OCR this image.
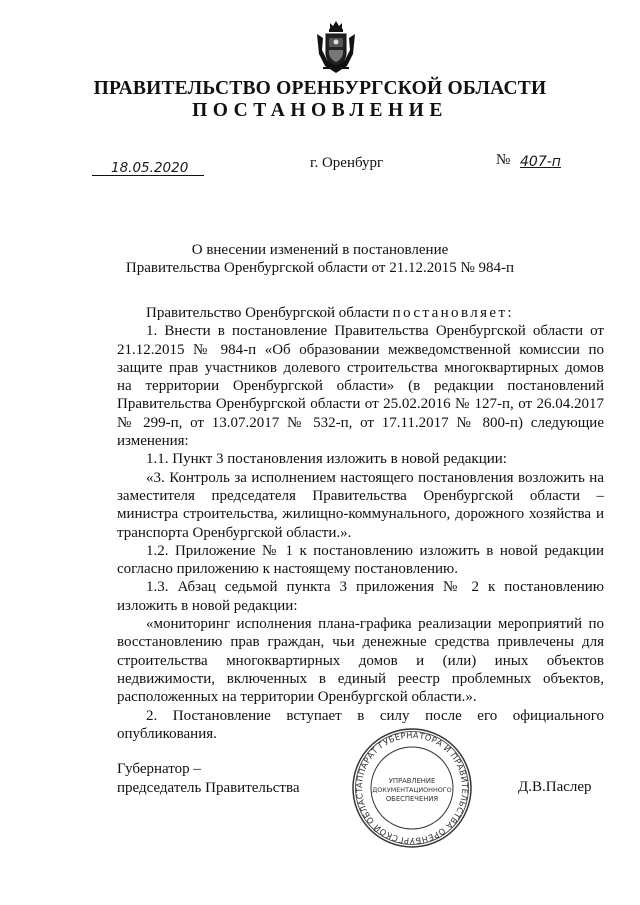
ПРАВИТЕЛЬСТВО ОРЕНБУРГСКОЙ ОБЛАСТИ
ПОСТАНОВЛЕНИЕ
18.05.2020	г. Оренбург	№ 407-п
О внесении изменений в постановление
Правительства Оренбургской области от 21.12.2015 № 984-п

Правительство Оренбургской области постановляет:

1. Внести в постановление Правительства Оренбургской области от 21.12.2015 № 984-п «Об образовании межведомственной комиссии по защите прав участников долевого строительства многоквартирных домов на территории Оренбургской области» (в редакции постановлений Правительства Оренбургской области от 25.02.2016 № 127-п, от 26.04.2017 № 299-п, от 13.07.2017 № 532-п, от 17.11.2017 № 800-п) следующие изменения:

1.1. Пункт 3 постановления изложить в новой редакции:

«3. Контроль за исполнением настоящего постановления возложить на заместителя председателя Правительства Оренбургской области – министра строительства, жилищно-коммунального, дорожного хозяйства и транспорта Оренбургской области.».

1.2. Приложение № 1 к постановлению изложить в новой редакции согласно приложению к настоящему постановлению.

1.3. Абзац седьмой пункта 3 приложения № 2 к постановлению изложить в новой редакции:

«мониторинг исполнения плана-графика реализации мероприятий по восстановлению прав граждан, чьи денежные средства привлечены для строительства многоквартирных домов и (или) иных объектов недвижимости, включенных в единый реестр проблемных объектов, расположенных на территории Оренбургской области.».

2. Постановление вступает в силу после его официального опубликования.

Губернатор –
председатель Правительства	Д.В.Паслер
АППАРАТ ГУБЕРНАТОРА И ПРАВИТЕЛЬСТВА ОРЕНБУРГСКОЙ ОБЛАСТ
УПРАВЛЕНИЕ
ДОКУМЕНТАЦИОННОГО
ОБЕСПЕЧЕНИЯ
